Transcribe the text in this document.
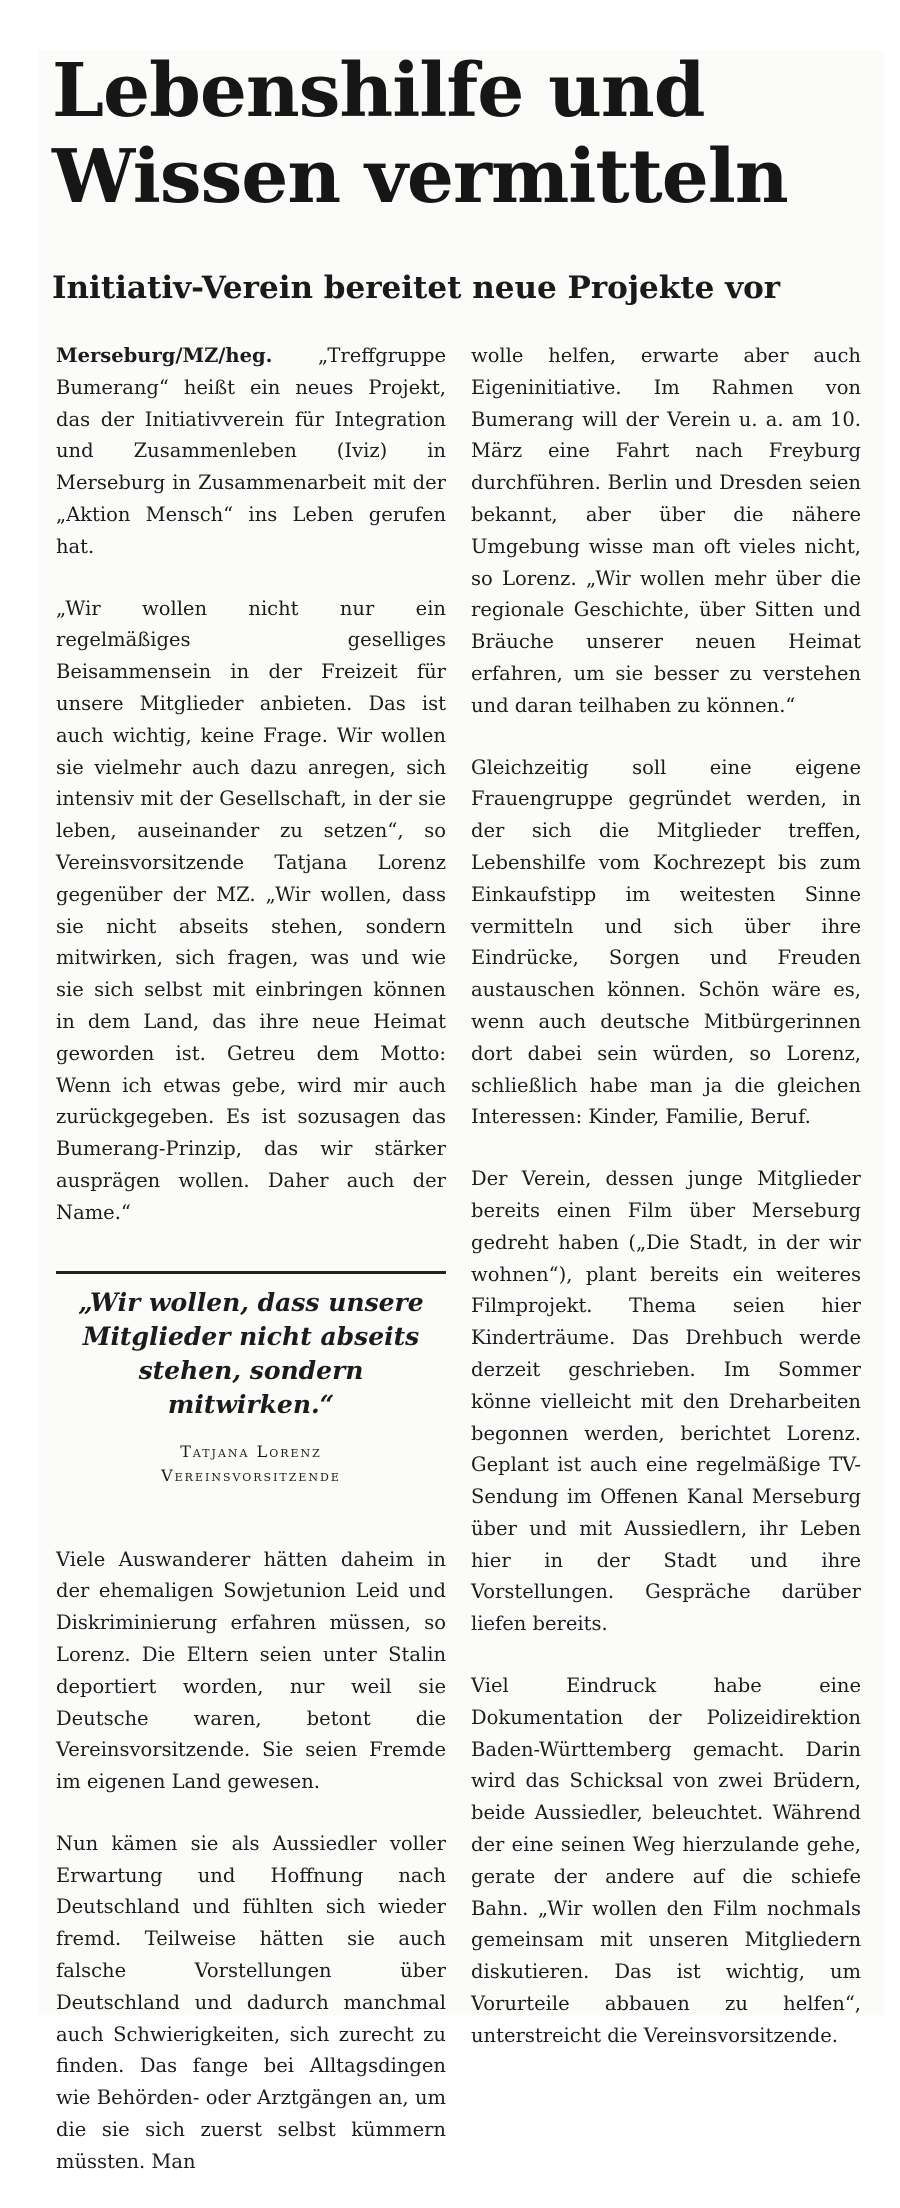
Lebenshilfe und Wissen vermitteln
Initiativ-Verein bereitet neue Projekte vor

Merseburg/MZ/heg. „Treffgruppe Bumerang“ heißt ein neues Projekt, das der Initiativverein für Integration und Zusammenleben (Iviz) in Merseburg in Zusammenarbeit mit der „Aktion Mensch“ ins Leben gerufen hat.

„Wir wollen nicht nur ein regelmäßiges geselliges Beisammensein in der Freizeit für unsere Mitglieder anbieten. Das ist auch wichtig, keine Frage. Wir wollen sie vielmehr auch dazu anregen, sich intensiv mit der Gesellschaft, in der sie leben, auseinander zu setzen“, so Vereinsvorsitzende Tatjana Lorenz gegenüber der MZ. „Wir wollen, dass sie nicht abseits stehen, sondern mitwirken, sich fragen, was und wie sie sich selbst mit einbringen können in dem Land, das ihre neue Heimat geworden ist. Getreu dem Motto: Wenn ich etwas gebe, wird mir auch zurückgegeben. Es ist sozusagen das Bumerang-Prinzip, das wir stärker ausprägen wollen. Daher auch der Name.“

„Wir wollen, dass unsere Mitglieder nicht abseits stehen, sondern mitwirken.“
Tatjana Lorenz
Vereinsvorsitzende

Viele Auswanderer hätten daheim in der ehemaligen Sowjetunion Leid und Diskriminierung erfahren müssen, so Lorenz. Die Eltern seien unter Stalin deportiert worden, nur weil sie Deutsche waren, betont die Vereinsvorsitzende. Sie seien Fremde im eigenen Land gewesen.

Nun kämen sie als Aussiedler voller Erwartung und Hoffnung nach Deutschland und fühlten sich wieder fremd. Teilweise hätten sie auch falsche Vorstellungen über Deutschland und dadurch manchmal auch Schwierigkeiten, sich zurecht zu finden. Das fange bei Alltagsdingen wie Behörden- oder Arztgängen an, um die sie sich zuerst selbst kümmern müssten. Man

wolle helfen, erwarte aber auch Eigeninitiative. Im Rahmen von Bumerang will der Verein u. a. am 10. März eine Fahrt nach Freyburg durchführen. Berlin und Dresden seien bekannt, aber über die nähere Umgebung wisse man oft vieles nicht, so Lorenz. „Wir wollen mehr über die regionale Geschichte, über Sitten und Bräuche unserer neuen Heimat erfahren, um sie besser zu verstehen und daran teilhaben zu können.“

Gleichzeitig soll eine eigene Frauengruppe gegründet werden, in der sich die Mitglieder treffen, Lebenshilfe vom Kochrezept bis zum Einkaufstipp im weitesten Sinne vermitteln und sich über ihre Eindrücke, Sorgen und Freuden austauschen können. Schön wäre es, wenn auch deutsche Mitbürgerinnen dort dabei sein würden, so Lorenz, schließlich habe man ja die gleichen Interessen: Kinder, Familie, Beruf.

Der Verein, dessen junge Mitglieder bereits einen Film über Merseburg gedreht haben („Die Stadt, in der wir wohnen“), plant bereits ein weiteres Filmprojekt. Thema seien hier Kinderträume. Das Drehbuch werde derzeit geschrieben. Im Sommer könne vielleicht mit den Dreharbeiten begonnen werden, berichtet Lorenz. Geplant ist auch eine regelmäßige TV-Sendung im Offenen Kanal Merseburg über und mit Aussiedlern, ihr Leben hier in der Stadt und ihre Vorstellungen. Gespräche darüber liefen bereits.

Viel Eindruck habe eine Dokumentation der Polizeidirektion Baden-Württemberg gemacht. Darin wird das Schicksal von zwei Brüdern, beide Aussiedler, beleuchtet. Während der eine seinen Weg hierzulande gehe, gerate der andere auf die schiefe Bahn. „Wir wollen den Film nochmals gemeinsam mit unseren Mitgliedern diskutieren. Das ist wichtig, um Vorurteile abbauen zu helfen“, unterstreicht die Vereinsvorsitzende.
